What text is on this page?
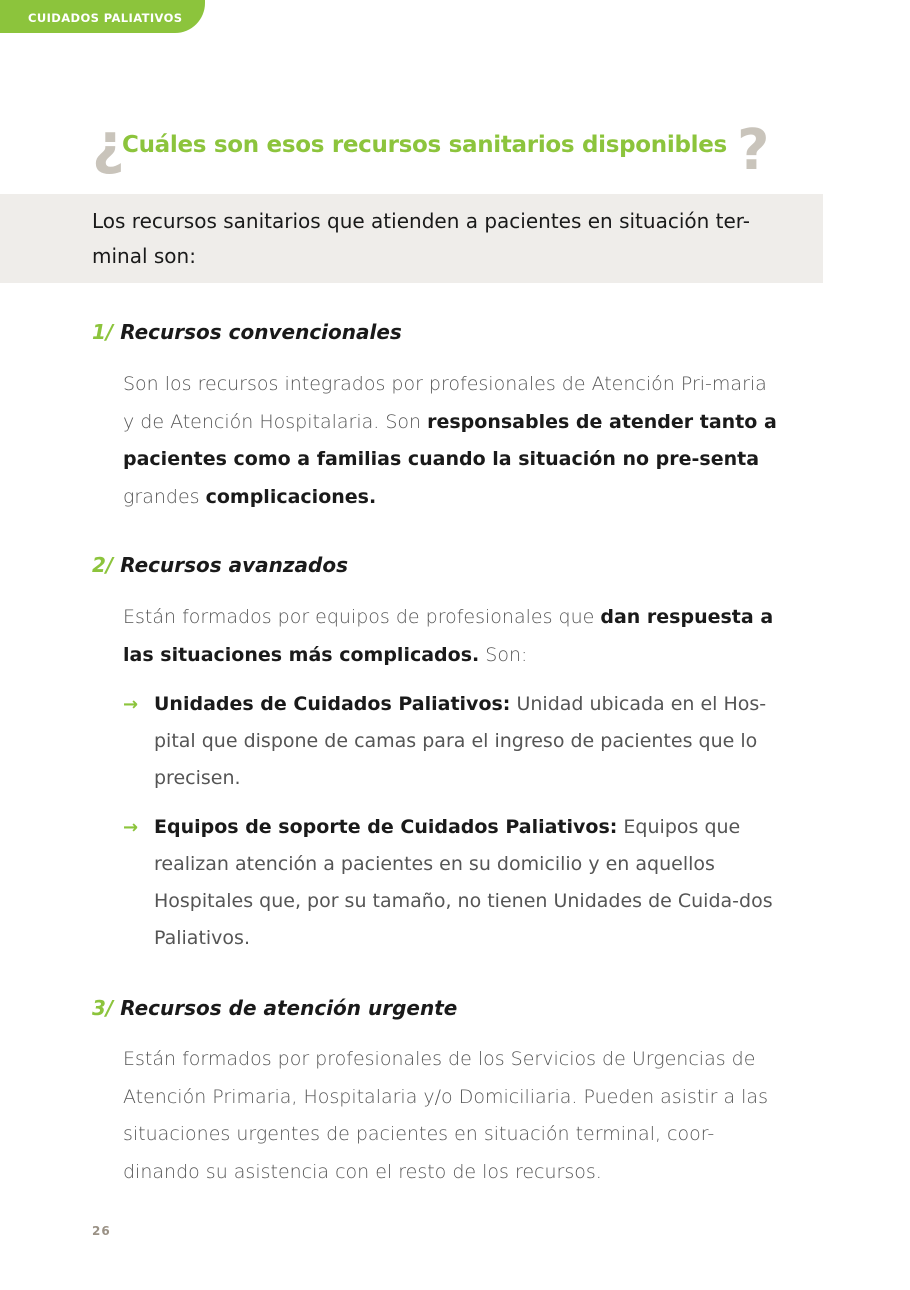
CUIDADOS PALIATIVOS
¿
Cuáles son esos recursos sanitarios disponibles ?

Los recursos sanitarios que atienden a pacientes en situación ter-minal son:

1/ Recursos convencionales

Son los recursos integrados por profesionales de Atención Pri-maria y de Atención Hospitalaria. Son responsables de atender tanto a pacientes como a familias cuando la situación no pre-senta grandes complicaciones.

2/ Recursos avanzados

Están formados por equipos de profesionales que dan respuesta a las situaciones más complicados. Son:

→ Unidades de Cuidados Paliativos: Unidad ubicada en el Hos-pital que dispone de camas para el ingreso de pacientes que lo precisen.
→ Equipos de soporte de Cuidados Paliativos: Equipos que realizan atención a pacientes en su domicilio y en aquellos Hospitales que, por su tamaño, no tienen Unidades de Cuida-dos Paliativos.
3/ Recursos de atención urgente

Están formados por profesionales de los Servicios de Urgencias de Atención Primaria, Hospitalaria y/o Domiciliaria. Pueden asistir a las situaciones urgentes de pacientes en situación terminal, coor-dinando su asistencia con el resto de los recursos.

26
